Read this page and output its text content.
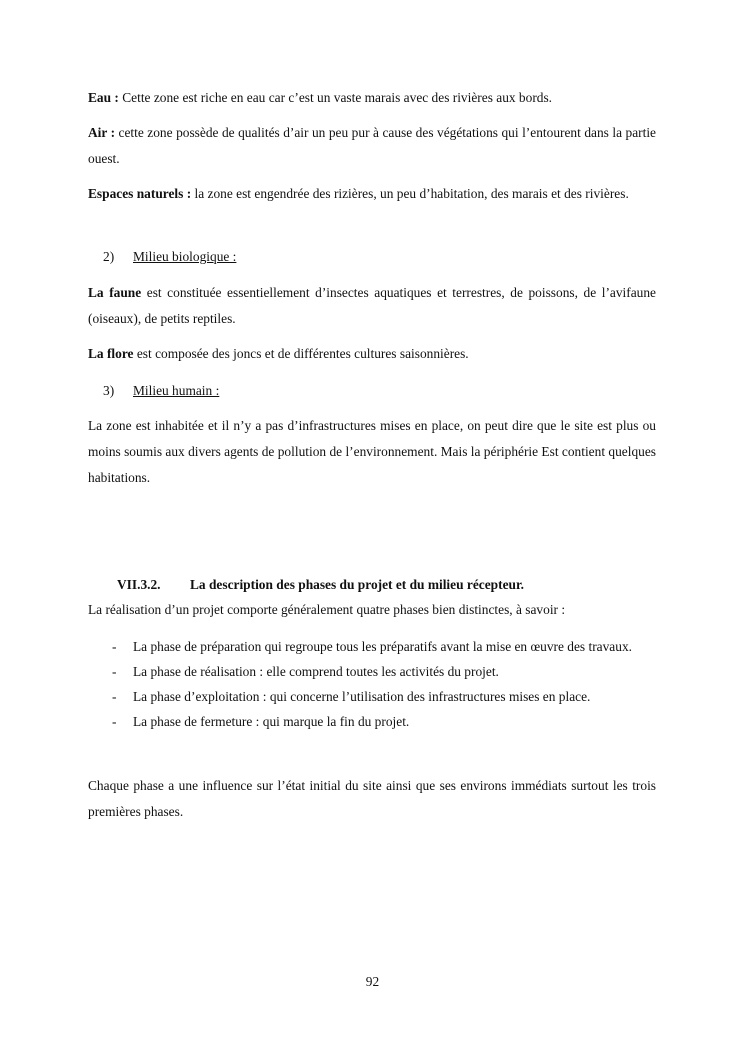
Eau : Cette zone est riche en eau car c’est un vaste marais avec des rivières aux bords.

Air : cette zone possède de qualités d’air un peu pur à cause des végétations qui l’entourent dans la partie ouest.

Espaces naturels : la zone est engendrée des rizières, un peu d’habitation, des marais et des rivières.

2) Milieu biologique :

La faune est constituée essentiellement d’insectes aquatiques et terrestres, de poissons, de l’avifaune (oiseaux), de petits reptiles.

La flore est composée des joncs et de différentes cultures saisonnières.

3) Milieu humain :

La zone est inhabitée et il n’y a pas d’infrastructures mises en place, on peut dire que le site est plus ou moins soumis aux divers agents de pollution de l’environnement. Mais la périphérie Est contient quelques habitations.

VII.3.2. La description des phases du projet et du milieu récepteur.

La réalisation d’un projet comporte généralement quatre phases bien distinctes, à savoir :

- La phase de préparation qui regroupe tous les préparatifs avant la mise en œuvre des travaux.
- La phase de réalisation : elle comprend toutes les activités du projet.
- La phase d’exploitation : qui concerne l’utilisation des infrastructures mises en place.
- La phase de fermeture : qui marque la fin du projet.

Chaque phase a une influence sur l’état initial du site ainsi que ses environs immédiats surtout les trois premières phases.

92
